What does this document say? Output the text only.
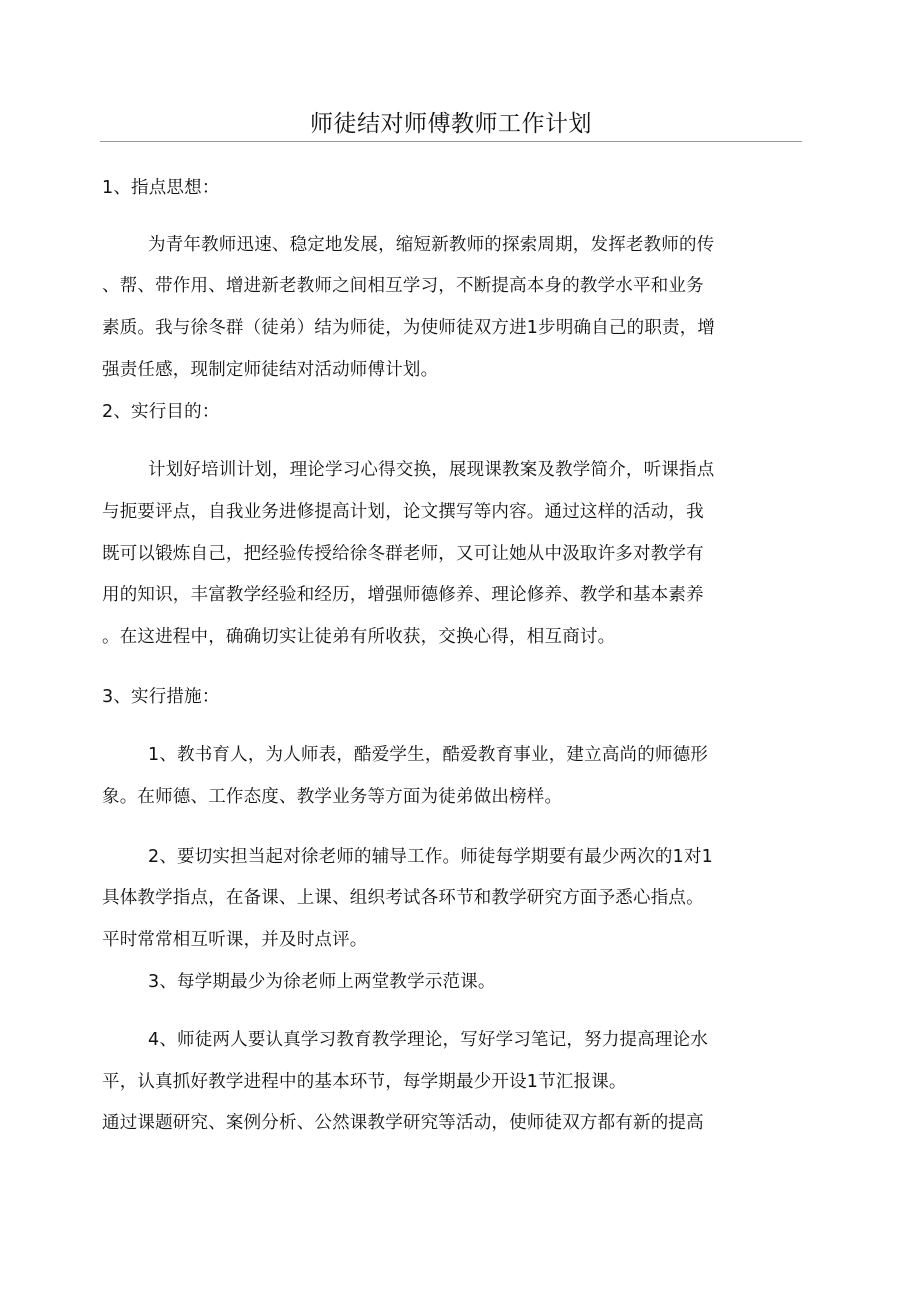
师徒结对师傅教师工作计划
1、指点思想：
为青年教师迅速、稳定地发展，缩短新教师的探索周期，发挥老教师的传
、帮、带作用、增进新老教师之间相互学习，不断提高本身的教学水平和业务
素质。我与徐冬群（徒弟）结为师徒，为使师徒双方进1步明确自己的职责，增
强责任感，现制定师徒结对活动师傅计划。
2、实行目的：
计划好培训计划，理论学习心得交换，展现课教案及教学简介，听课指点
与扼要评点，自我业务进修提高计划，论文撰写等内容。通过这样的活动，我
既可以锻炼自己，把经验传授给徐冬群老师，又可让她从中汲取许多对教学有
用的知识，丰富教学经验和经历，增强师德修养、理论修养、教学和基本素养
。在这进程中，确确切实让徒弟有所收获，交换心得，相互商讨。
3、实行措施：
1、教书育人，为人师表，酷爱学生，酷爱教育事业，建立高尚的师德形
象。在师德、工作态度、教学业务等方面为徒弟做出榜样。
2、要切实担当起对徐老师的辅导工作。师徒每学期要有最少两次的1对1
具体教学指点，在备课、上课、组织考试各环节和教学研究方面予悉心指点。
平时常常相互听课，并及时点评。
3、每学期最少为徐老师上两堂教学示范课。
4、师徒两人要认真学习教育教学理论，写好学习笔记，努力提高理论水
平，认真抓好教学进程中的基本环节，每学期最少开设1节汇报课。
通过课题研究、案例分析、公然课教学研究等活动，使师徒双方都有新的提高
